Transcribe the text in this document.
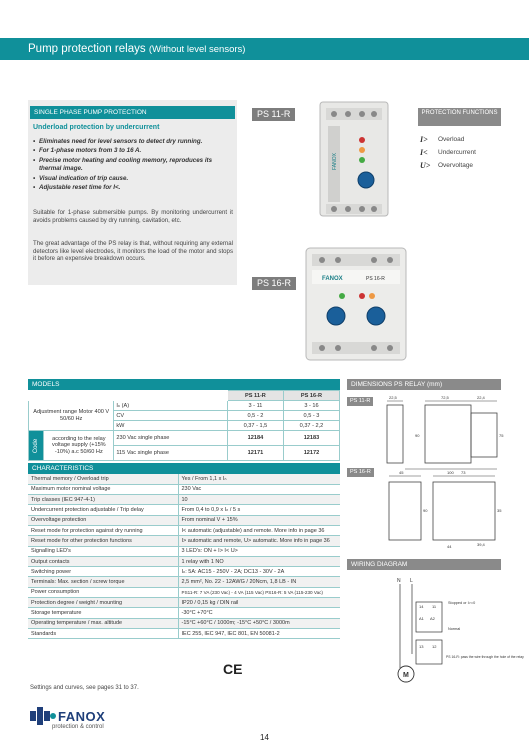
Pump protection relays (Without level sensors)
SINGLE PHASE PUMP PROTECTION
Underload protection by undercurrent
• Eliminates need for level sensors to detect dry running.
• For 1-phase motors from 3 to 16 A.
• Precise motor heating and cooling memory, reproduces its thermal image.
• Visual indication of trip cause.
• Adjustable reset time for I<.

Suitable for 1-phase submersible pumps. By monitoring undercurrent it avoids problems caused by dry running, cavitation, etc.

The great advantage of the PS relay is that, without requiring any external detectors like level electrodes, it monitors the load of the motor and stops it before an expensive breakdown occurs.

PS 11-R
FANOX
FANOX	PS 16-R
PS 16-R
PROTECTION FUNCTIONS
I>	Overload
I<	Undercurrent
U>	Overvoltage
MODELS
			PS 11-R	PS 16-R
Adjustment range Motor 400 V 50/60 Hz		Iₙ (A)	3 - 11	3 - 16
		CV	0,5 - 2	0,5 - 3
		kW	0,37 - 1,5	0,37 - 2,2
Code	according to the relay voltage supply (+15% -10%) a.c 50/60 Hz	230 Vac single phase	12184	12183
		115 Vac single phase	12171	12172
CHARACTERISTICS
Thermal memory / Overload trip	Yes / From 1,1 x Iₙ
Maximum motor nominal voltage	230 Vac
Trip classes (IEC 947-4-1)	10
Undercurrent protection adjustable / Trip delay	From 0,4 to 0,9 x Iₙ / 5 s
Overvoltage protection	From nominal V + 15%
Reset mode for protection against dry running	I< automatic (adjustable) and remote. More info in page 36
Reset mode for other protection functions	I> automatic and remote, U> automatic. More info in page 36
Signalling LED's	3 LED's: ON + I> I< U>
Output contacts	1 relay with 1 NO
Switching power	Iₙ: 5A: AC15 - 250V - 2A; DC13 - 30V - 2A
Terminals: Max. section / screw torque	2,5 mm², No. 22 - 12AWG / 20Ncm, 1,8 LB - IN
Power consumption	PS11-R: 7 VA (230 Vac) - 4 VA (115 Vac) PS16-R: 5 VA (115-230 Vac)
Protection degree / weight / mounting	IP20 / 0,15 kg / DIN rail
Storage temperature	-30°C +70°C
Operating temperature / max. altitude	-15°C +60°C / 1000m; -15°C +50°C / 3000m
Standards	IEC 255, IEC 947, IEC 801, EN 50081-2
CE
Settings and curves, see pages 31 to 37.
DIMENSIONS PS RELAY (mm)
PS 11-R
22,5	72,5	22,4
90	75
100
PS 16-R	45	73
90
44
35
39,4
WIRING DIAGRAM
N L
A1 A2
14 11
Stopped or I>=0
Normal
13 12
PS 16-R: pass the wire through the hole of the relay
M
FANOX
protection & control
14
